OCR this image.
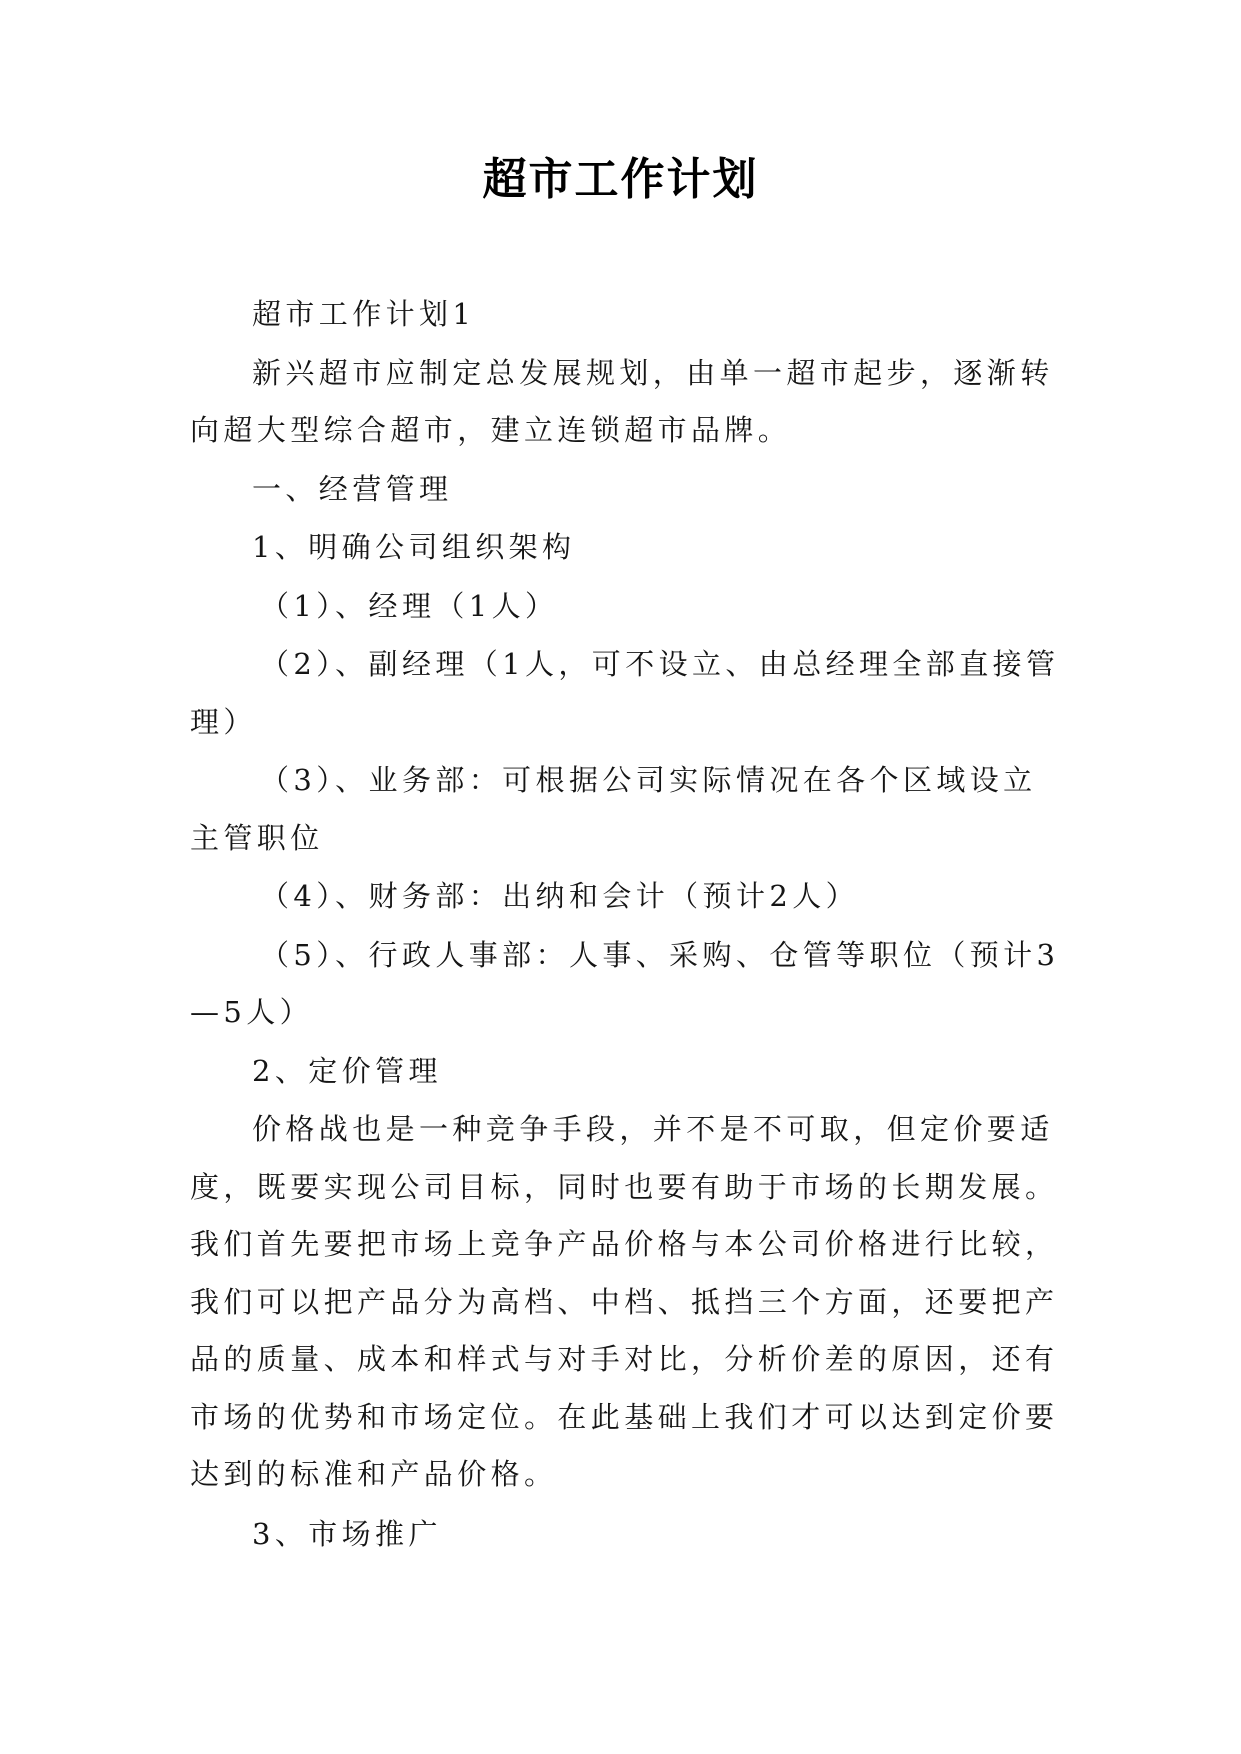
超市工作计划

超市工作计划1

新兴超市应制定总发展规划，由单一超市起步，逐渐转向超大型综合超市，建立连锁超市品牌。

一、经营管理

1、明确公司组织架构

（1）、经理（1人）

（2）、副经理（1人，可不设立、由总经理全部直接管理）

（3）、业务部：可根据公司实际情况在各个区域设立主管职位

（4）、财务部：出纳和会计（预计2人）

（5）、行政人事部：人事、采购、仓管等职位（预计3—5人）

2、定价管理

价格战也是一种竞争手段，并不是不可取，但定价要适度，既要实现公司目标，同时也要有助于市场的长期发展。我们首先要把市场上竞争产品价格与本公司价格进行比较，我们可以把产品分为高档、中档、抵挡三个方面，还要把产品的质量、成本和样式与对手对比，分析价差的原因，还有市场的优势和市场定位。在此基础上我们才可以达到定价要达到的标准和产品价格。

3、市场推广
